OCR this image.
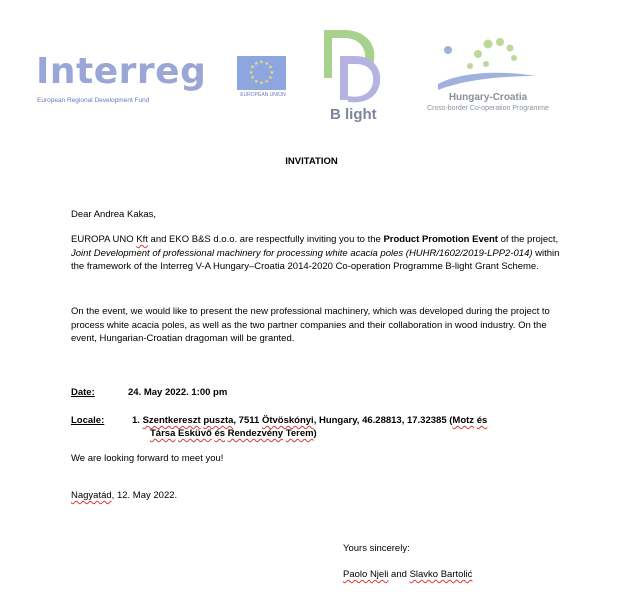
Interreg
European Regional Development Fund
★ ★
★
★
★
★
★
★
★
★
★
★
EUROPEAN UNION
B light
Hungary-Croatia
Cross-border Co-operation Programme
INVITATION
Dear Andrea Kakas,
EUROPA UNO Kft and EKO B&S d.o.o. are respectfully inviting you to the Product Promotion Event of the project, Joint Development of professional machinery for processing white acacia poles (HUHR/1602/2019-LPP2-014) within the framework of the Interreg V-A Hungary–Croatia 2014-2020 Co-operation Programme B-light Grant Scheme.
On the event, we would like to present the new professional machinery, which was developed during the project to process white acacia poles, as well as the two partner companies and their collaboration in wood industry. On the event, Hungarian-Croatian dragoman will be granted.
Date:	24. May 2022. 1:00 pm
Locale:	1. Szentkereszt puszta, 7511 Ötvöskónyi, Hungary, 46.28813, 17.32385 (Motz és
Társa Esküvő és Rendezvény Terem)
We are looking forward to meet you!
Nagyatád, 12. May 2022.
Yours sincerely:
Paolo Njeli and Slavko Bartolić
